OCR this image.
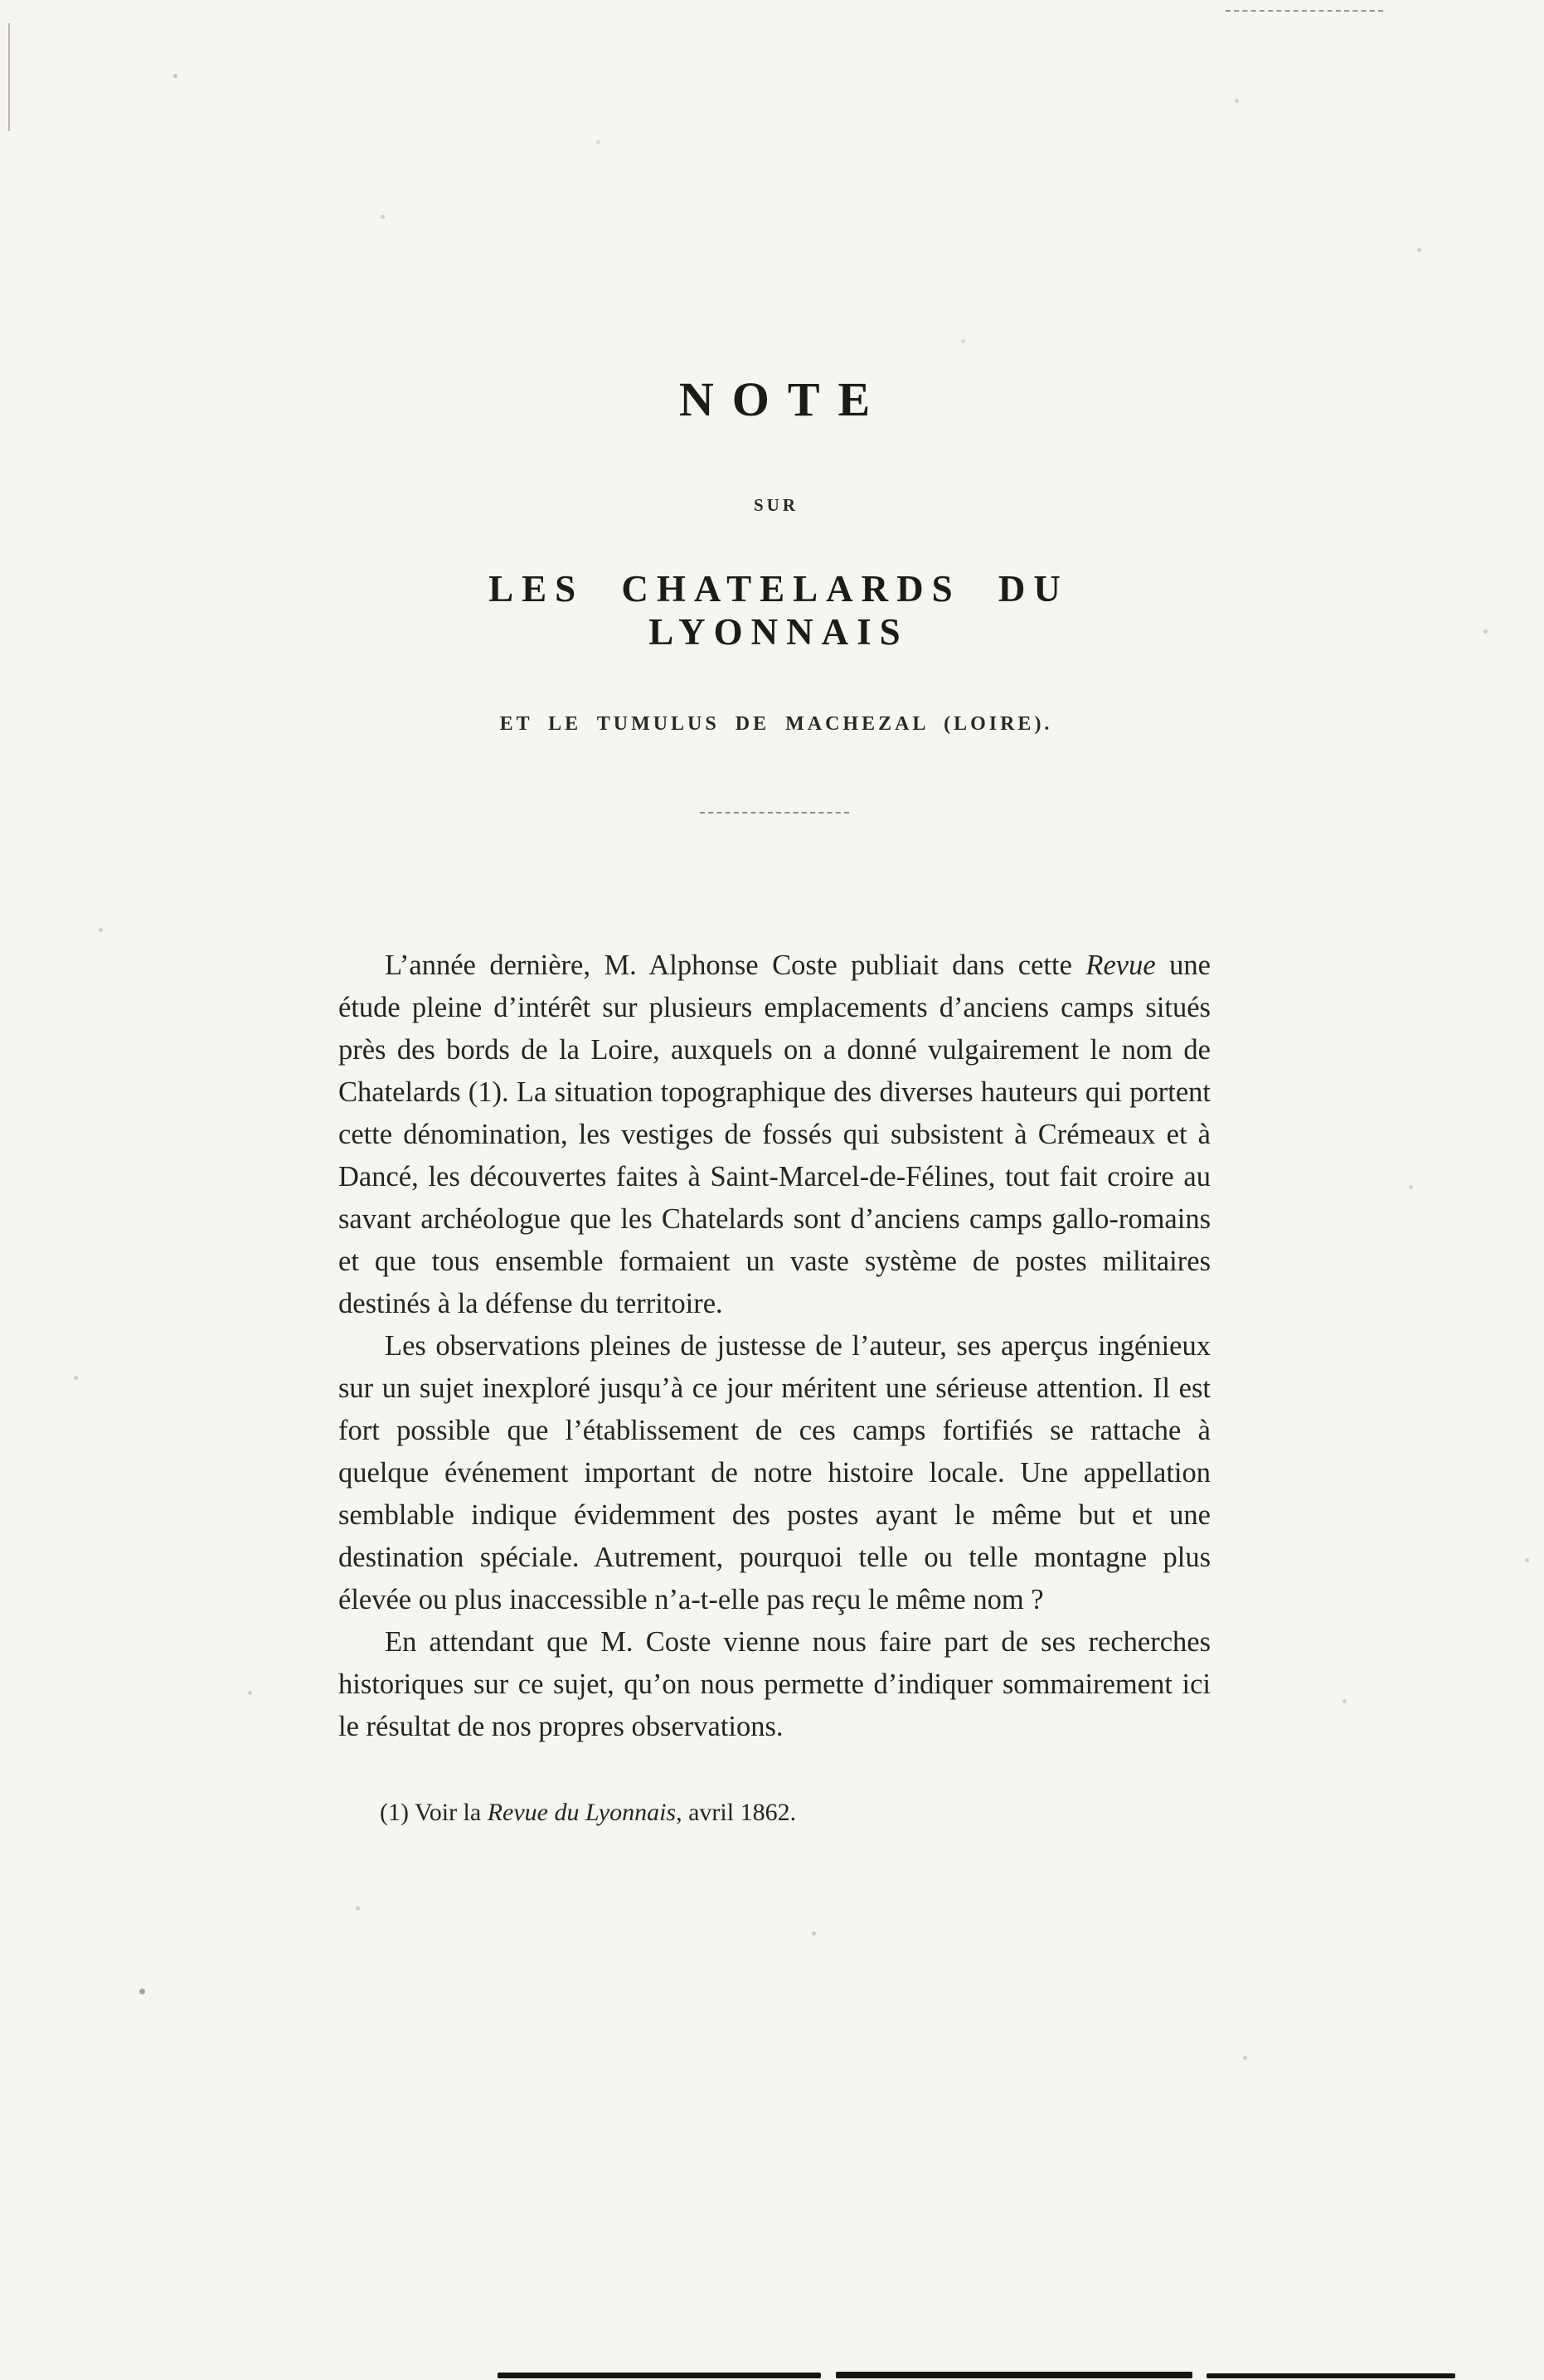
NOTE
SUR
LES CHATELARDS DU LYONNAIS
ET LE TUMULUS DE MACHEZAL (LOIRE).

L’année dernière, M. Alphonse Coste publiait dans cette Revue une étude pleine d’intérêt sur plusieurs emplacements d’anciens camps situés près des bords de la Loire, auxquels on a donné vulgairement le nom de Chatelards (1). La situation topographique des diverses hauteurs qui portent cette dénomination, les vestiges de fossés qui subsistent à Crémeaux et à Dancé, les découvertes faites à Saint-Marcel-de-Félines, tout fait croire au savant archéologue que les Chatelards sont d’anciens camps gallo-romains et que tous ensemble formaient un vaste système de postes militaires destinés à la défense du territoire.

Les observations pleines de justesse de l’auteur, ses aperçus ingénieux sur un sujet inexploré jusqu’à ce jour méritent une sérieuse attention. Il est fort possible que l’établissement de ces camps fortifiés se rattache à quelque événement important de notre histoire locale. Une appellation semblable indique évidemment des postes ayant le même but et une destination spéciale. Autrement, pourquoi telle ou telle montagne plus élevée ou plus inaccessible n’a-t-elle pas reçu le même nom ?

En attendant que M. Coste vienne nous faire part de ses recherches historiques sur ce sujet, qu’on nous permette d’indiquer sommairement ici le résultat de nos propres observations.

(1) Voir la Revue du Lyonnais, avril 1862.
